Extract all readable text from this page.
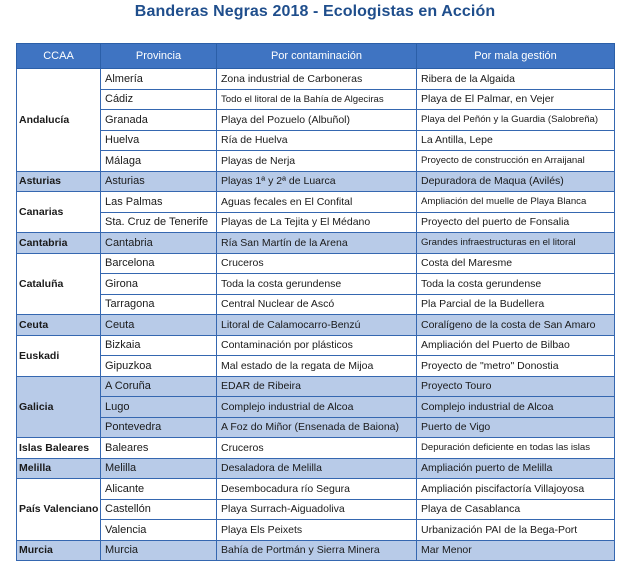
Banderas Negras 2018 - Ecologistas en Acción
CCAA	Provincia	Por contaminación	Por mala gestión
Andalucía	Almería	Zona industrial de Carboneras	Ribera de la Algaida
	Cádiz	Todo el litoral de la Bahía de Algeciras	Playa de El Palmar, en Vejer
	Granada	Playa del Pozuelo (Albuñol)	Playa del Peñón y la Guardia (Salobreña)
	Huelva	Ría de Huelva	La Antilla, Lepe
	Málaga	Playas de Nerja	Proyecto de construcción en Arraijanal
Asturias	Asturias	Playas 1ª y 2ª de Luarca	Depuradora de Maqua (Avilés)
Canarias	Las Palmas	Aguas fecales en El Confital	Ampliación del muelle de Playa Blanca
	Sta. Cruz de Tenerife	Playas de La Tejita y El Médano	Proyecto del puerto de Fonsalia
Cantabria	Cantabria	Ría San Martín de la Arena	Grandes infraestructuras en el litoral
Cataluña	Barcelona	Cruceros	Costa del Maresme
	Girona	Toda la costa gerundense	Toda la costa gerundense
	Tarragona	Central Nuclear de Ascó	Pla Parcial de la Budellera
Ceuta	Ceuta	Litoral de Calamocarro-Benzú	Coralígeno de la costa de San Amaro
Euskadi	Bizkaia	Contaminación por plásticos	Ampliación del Puerto de Bilbao
	Gipuzkoa	Mal estado de la regata de Mijoa	Proyecto de "metro" Donostia
Galicia	A Coruña	EDAR de Ribeira	Proyecto Touro
	Lugo	Complejo industrial de Alcoa	Complejo industrial de Alcoa
	Pontevedra	A Foz do Miñor (Ensenada de Baiona)	Puerto de Vigo
Islas Baleares	Baleares	Cruceros	Depuración deficiente en todas las islas
Melilla	Melilla	Desaladora de Melilla	Ampliación puerto de Melilla
País Valenciano	Alicante	Desembocadura río Segura	Ampliación piscifactoría Villajoyosa
	Castellón	Playa Surrach-Aiguadoliva	Playa de Casablanca
	Valencia	Playa Els Peixets	Urbanización PAI de la Bega-Port
Murcia	Murcia	Bahía de Portmán y Sierra Minera	Mar Menor
